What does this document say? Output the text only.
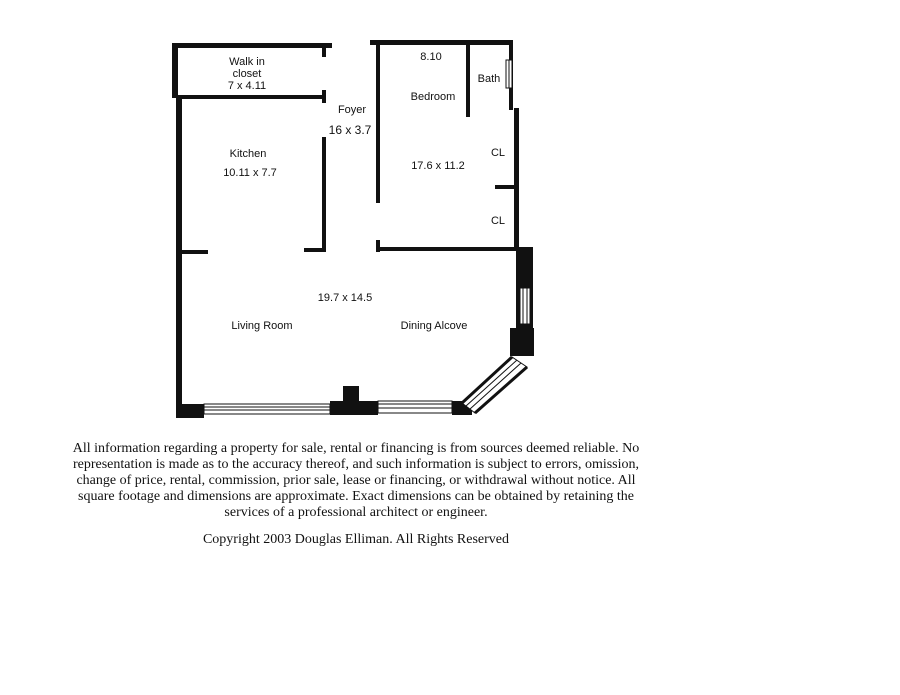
Walk in
closet
7 x 4.11
Foyer
16 x 3.7
8.10
Bedroom
17.6 x 11.2
Bath
CL
CL
Kitchen
10.11 x 7.7
19.7 x 14.5
Living Room	Dining Alcove
All information regarding a property for sale, rental or financing is from sources deemed reliable. No representation is made as to the accuracy thereof, and such information is subject to errors, omission, change of price, rental, commission, prior sale, lease or financing, or withdrawal without notice. All square footage and dimensions are approximate. Exact dimensions can be obtained by retaining the services of a professional architect or engineer.
Copyright 2003 Douglas Elliman. All Rights Reserved
